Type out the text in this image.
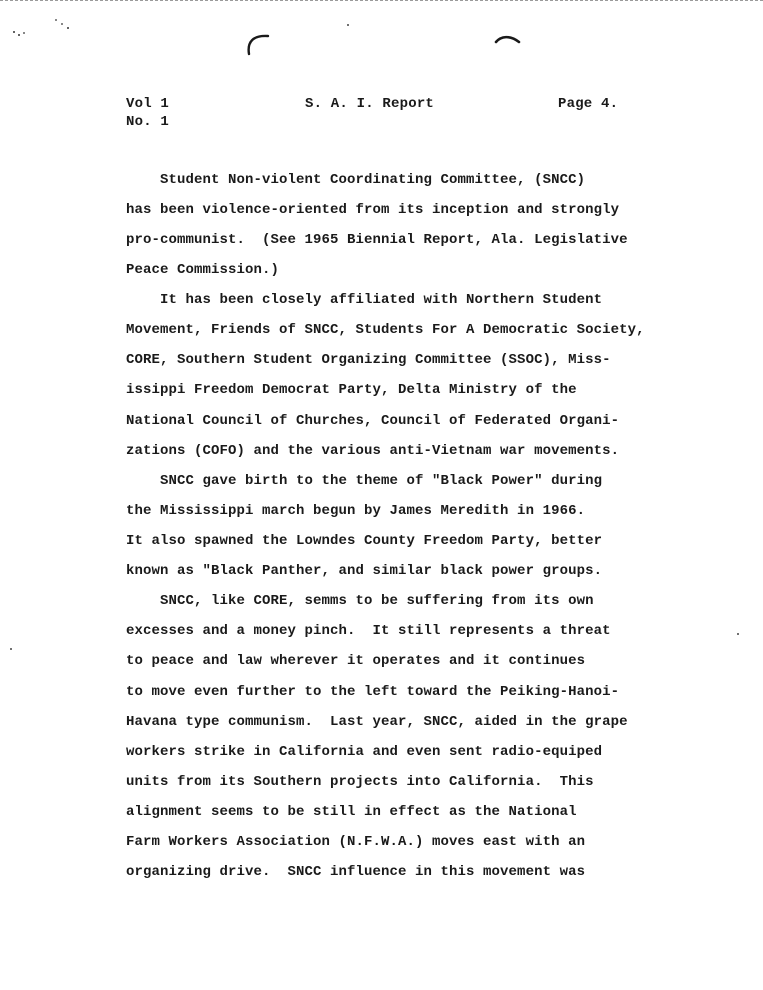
Vol 1
No. 1
S. A. I. Report	Page 4.
Student Non-violent Coordinating Committee, (SNCC)
has been violence-oriented from its inception and strongly
pro-communist.  (See 1965 Biennial Report, Ala. Legislative
Peace Commission.)
It has been closely affiliated with Northern Student
Movement, Friends of SNCC, Students For A Democratic Society,
CORE, Southern Student Organizing Committee (SSOC), Miss-
issippi Freedom Democrat Party, Delta Ministry of the
National Council of Churches, Council of Federated Organi-
zations (COFO) and the various anti-Vietnam war movements.
SNCC gave birth to the theme of "Black Power" during
the Mississippi march begun by James Meredith in 1966.
It also spawned the Lowndes County Freedom Party, better
known as "Black Panther, and similar black power groups.
SNCC, like CORE, semms to be suffering from its own
excesses and a money pinch.  It still represents a threat
to peace and law wherever it operates and it continues
to move even further to the left toward the Peiking-Hanoi-
Havana type communism.  Last year, SNCC, aided in the grape
workers strike in California and even sent radio-equiped
units from its Southern projects into California.  This
alignment seems to be still in effect as the National
Farm Workers Association (N.F.W.A.) moves east with an
organizing drive.  SNCC influence in this movement was
